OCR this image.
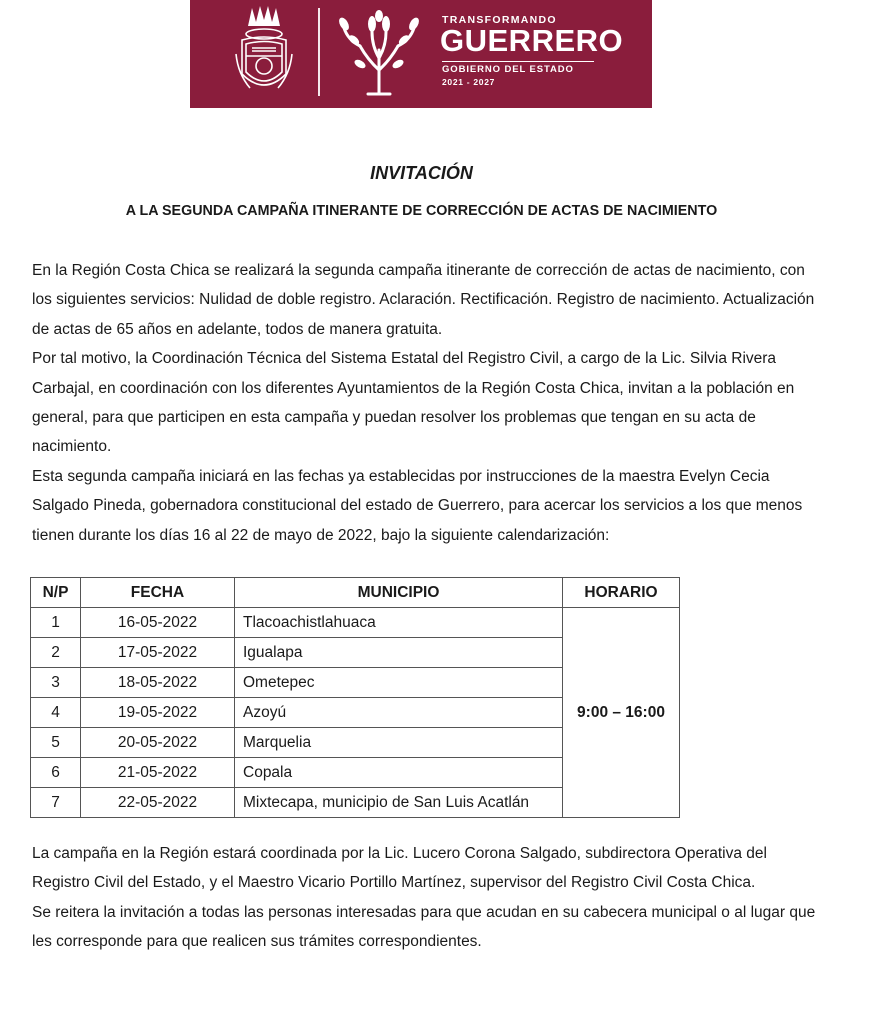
TRANSFORMANDO
GUERRERO
GOBIERNO DEL ESTADO
2021 - 2027
INVITACIÓN
A LA SEGUNDA CAMPAÑA ITINERANTE DE CORRECCIÓN DE ACTAS DE NACIMIENTO

En la Región Costa Chica se realizará la segunda campaña itinerante de corrección de actas de nacimiento, con los siguientes servicios: Nulidad de doble registro. Aclaración. Rectificación. Registro de nacimiento. Actualización de actas de 65 años en adelante, todos de manera gratuita.

Por tal motivo, la Coordinación Técnica del Sistema Estatal del Registro Civil, a cargo de la Lic. Silvia Rivera Carbajal, en coordinación con los diferentes Ayuntamientos de la Región Costa Chica, invitan a la población en general, para que participen en esta campaña y puedan resolver los problemas que tengan en su acta de nacimiento.

Esta segunda campaña iniciará en las fechas ya establecidas por instrucciones de la maestra Evelyn Cecia Salgado Pineda, gobernadora constitucional del estado de Guerrero, para acercar los servicios a los que menos tienen durante los días 16 al 22 de mayo de 2022, bajo la siguiente calendarización:

N/P	FECHA	MUNICIPIO	HORARIO
1	16-05-2022	Tlacoachistlahuaca	9:00 – 16:00
2	17-05-2022	Igualapa	
3	18-05-2022	Ometepec	
4	19-05-2022	Azoyú	
5	20-05-2022	Marquelia	
6	21-05-2022	Copala	
7	22-05-2022	Mixtecapa, municipio de San Luis Acatlán	

La campaña en la Región estará coordinada por la Lic. Lucero Corona Salgado, subdirectora Operativa del Registro Civil del Estado, y el Maestro Vicario Portillo Martínez, supervisor del Registro Civil Costa Chica.

Se reitera la invitación a todas las personas interesadas para que acudan en su cabecera municipal o al lugar que les corresponde para que realicen sus trámites correspondientes.
